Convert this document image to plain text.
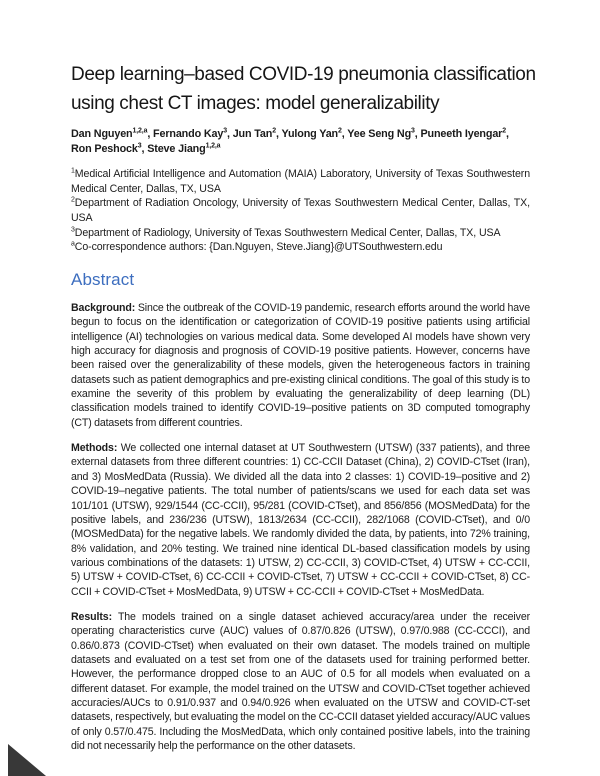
Deep learning–based COVID-19 pneumonia classification
using chest CT images: model generalizability
Dan Nguyen$^{1,2,a}$, Fernando Kay$^3$, Jun Tan$^2$, Yulong Yan$^2$, Yee Seng Ng$^3$, Puneeth Iyengar$^2$, Ron Peshock$^3$, Steve Jiang$^{1,2,a}$
$^1$Medical Artificial Intelligence and Automation (MAIA) Laboratory, University of Texas Southwestern Medical Center, Dallas, TX, USA
$^2$Department of Radiation Oncology, University of Texas Southwestern Medical Center, Dallas, TX, USA
$^3$Department of Radiology, University of Texas Southwestern Medical Center, Dallas, TX, USA
$^a$Co-correspondence authors: {Dan.Nguyen, Steve.Jiang}@UTSouthwestern.edu
Abstract

Background: Since the outbreak of the COVID-19 pandemic, research efforts around the world have begun to focus on the identification or categorization of COVID-19 positive patients using artificial intelligence (AI) technologies on various medical data. Some developed AI models have shown very high accuracy for diagnosis and prognosis of COVID-19 positive patients. However, concerns have been raised over the generalizability of these models, given the heterogeneous factors in training datasets such as patient demographics and pre-existing clinical conditions. The goal of this study is to examine the severity of this problem by evaluating the generalizability of deep learning (DL) classification models trained to identify COVID-19–positive patients on 3D computed tomography (CT) datasets from different countries.

Methods: We collected one internal dataset at UT Southwestern (UTSW) (337 patients), and three external datasets from three different countries: 1) CC-CCII Dataset (China), 2) COVID-CTset (Iran), and 3) MosMedData (Russia). We divided all the data into 2 classes: 1) COVID-19–positive and 2) COVID-19–negative patients. The total number of patients/scans we used for each data set was 101/101 (UTSW), 929/1544 (CC-CCII), 95/281 (COVID-CTset), and 856/856 (MOSMedData) for the positive labels, and 236/236 (UTSW), 1813/2634 (CC-CCII), 282/1068 (COVID-CTset), and 0/0 (MOSMedData) for the negative labels. We randomly divided the data, by patients, into 72% training, 8% validation, and 20% testing. We trained nine identical DL-based classification models by using various combinations of the datasets: 1) UTSW, 2) CC-CCII, 3) COVID-CTset, 4) UTSW + CC-CCII, 5) UTSW + COVID-CTset, 6) CC-CCII + COVID-CTset, 7) UTSW + CC-CCII + COVID-CTset, 8) CC-CCII + COVID-CTset + MosMedData, 9) UTSW + CC-CCII + COVID-CTset + MosMedData.

Results: The models trained on a single dataset achieved accuracy/area under the receiver operating characteristics curve (AUC) values of 0.87/0.826 (UTSW), 0.97/0.988 (CC-CCCI), and 0.86/0.873 (COVID-CTset) when evaluated on their own dataset. The models trained on multiple datasets and evaluated on a test set from one of the datasets used for training performed better. However, the performance dropped close to an AUC of 0.5 for all models when evaluated on a different dataset. For example, the model trained on the UTSW and COVID-CTset together achieved accuracies/AUCs to 0.91/0.937 and 0.94/0.926 when evaluated on the UTSW and COVID-CT-set datasets, respectively, but evaluating the model on the CC-CCII dataset yielded accuracy/AUC values of only 0.57/0.475. Including the MosMedData, which only contained positive labels, into the training did not necessarily help the performance on the other datasets.
